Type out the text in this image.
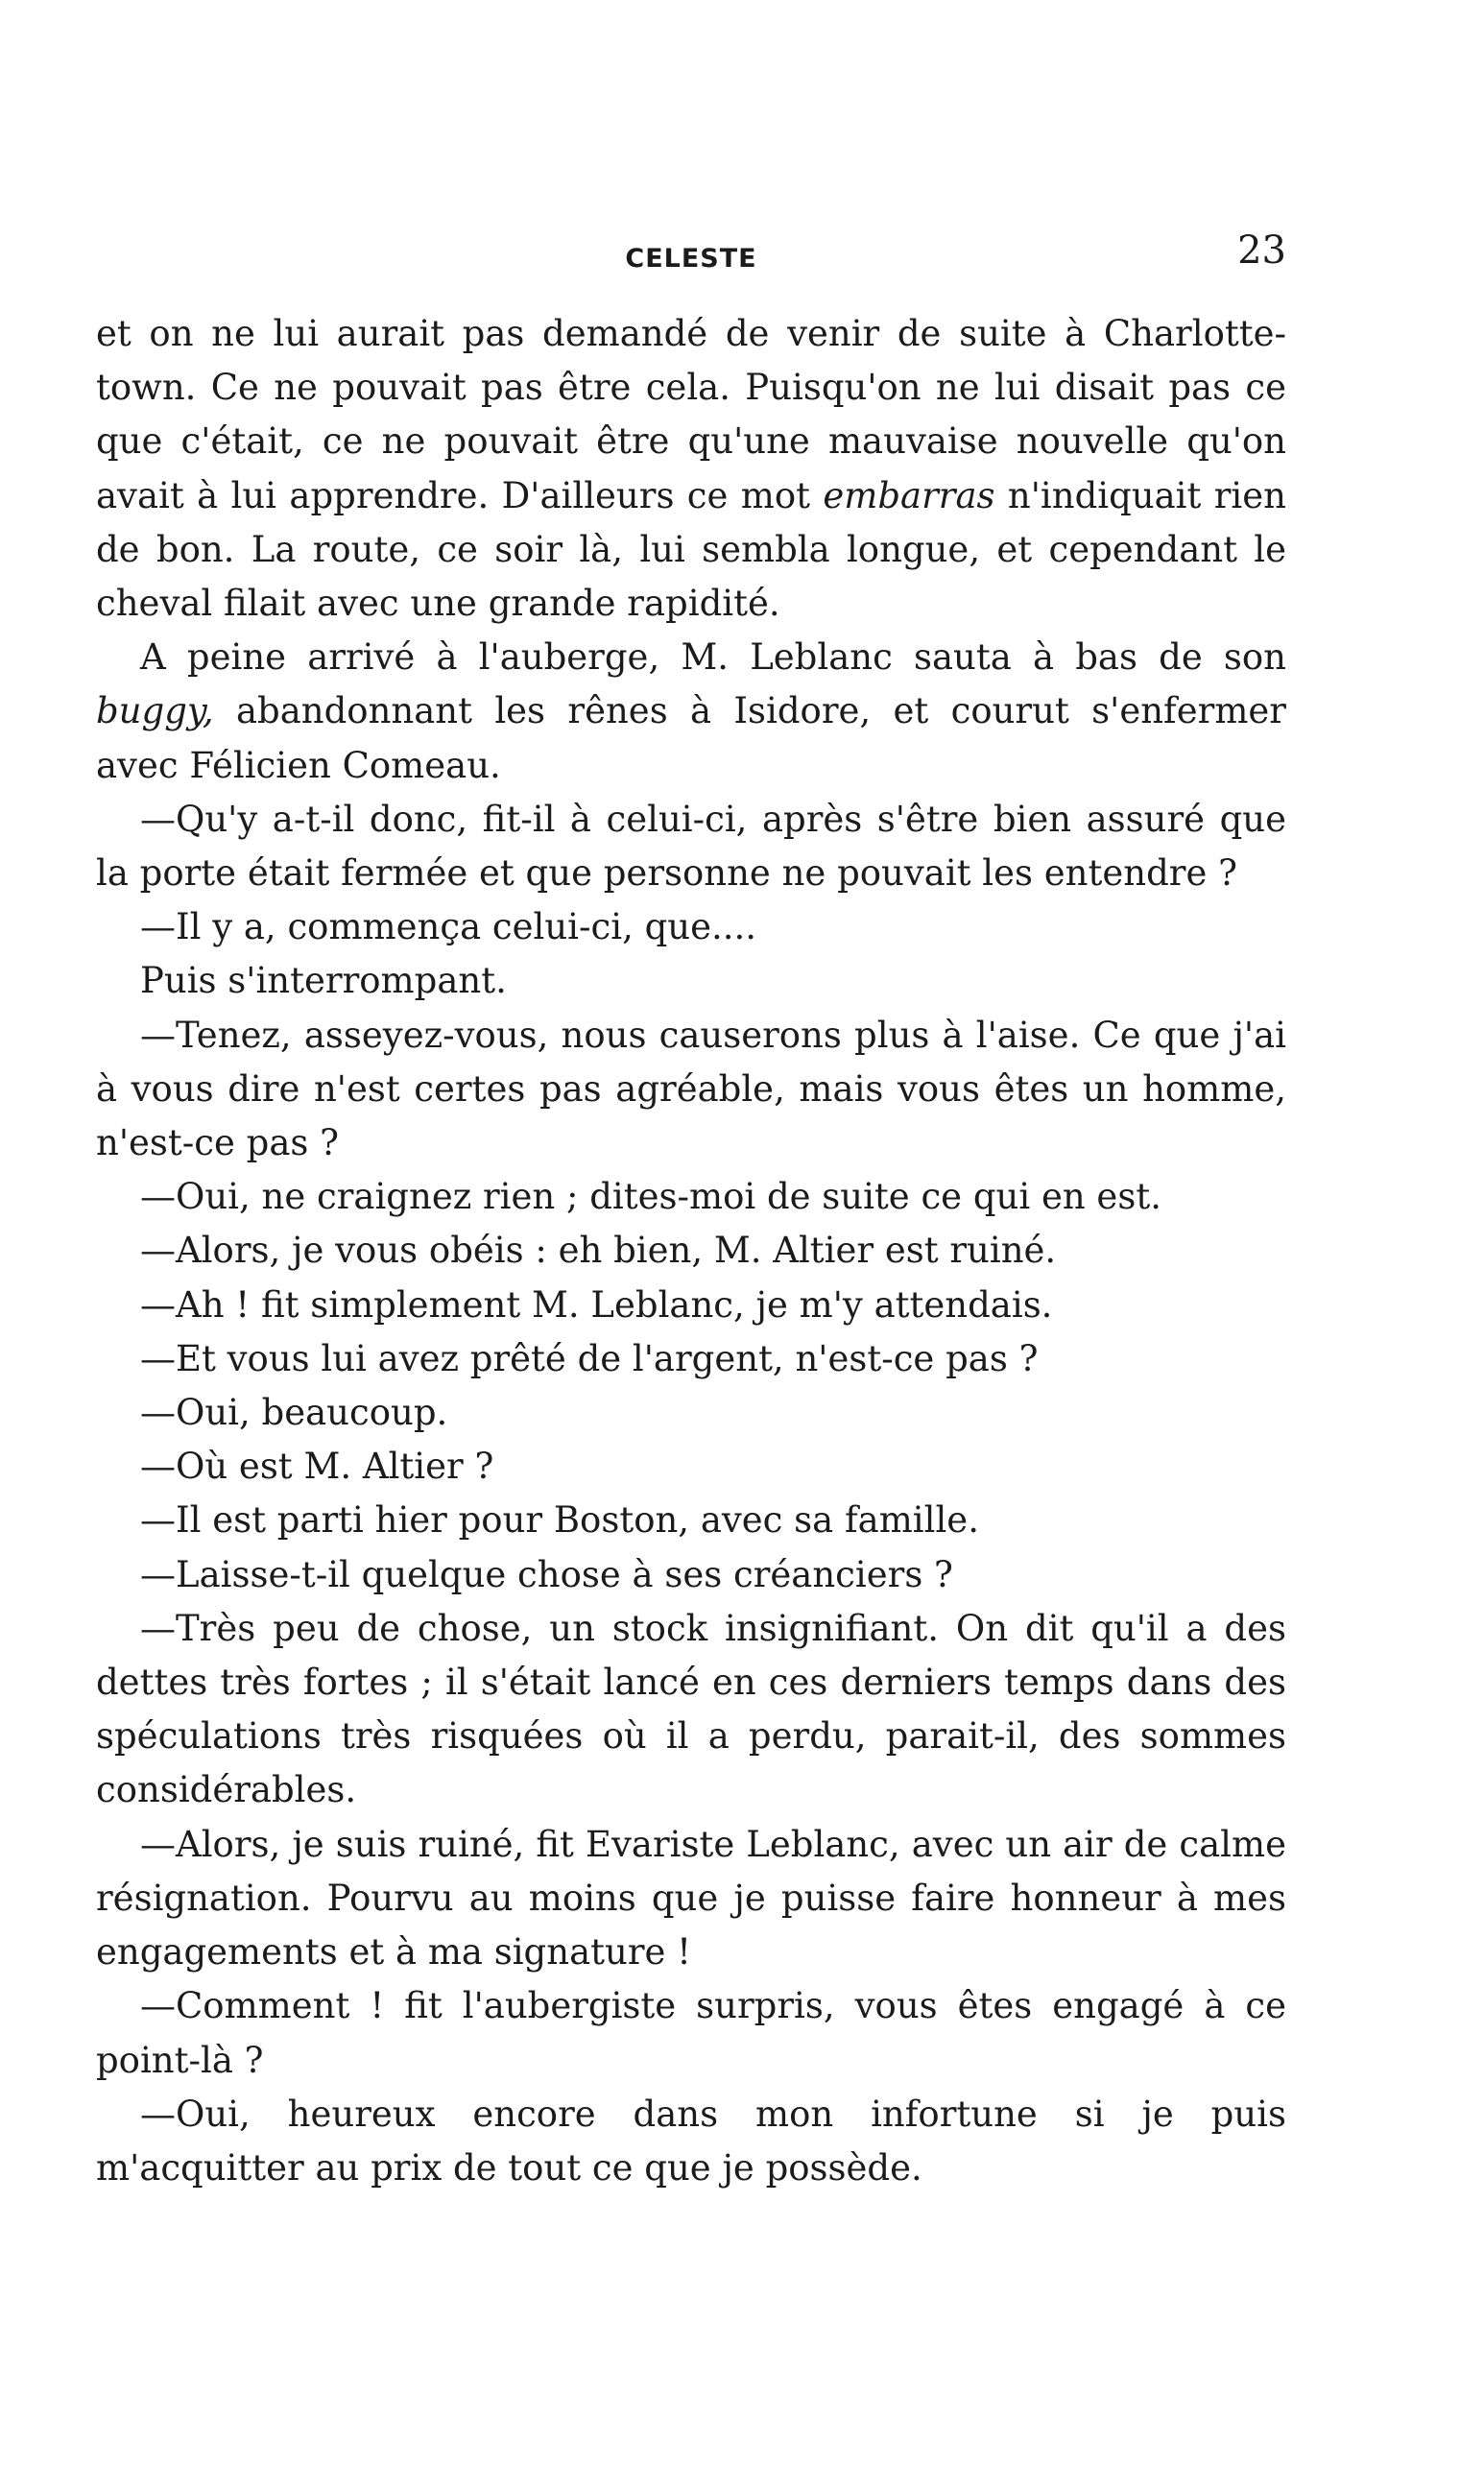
CELESTE	23

et on ne lui aurait pas demandé de venir de suite à Charlotte-town. Ce ne pouvait pas être cela. Puisqu'on ne lui disait pas ce que c'était, ce ne pouvait être qu'une mauvaise nouvelle qu'on avait à lui apprendre. D'ailleurs ce mot embarras n'indiquait rien de bon. La route, ce soir là, lui sembla longue, et cependant le cheval filait avec une grande rapidité.

A peine arrivé à l'auberge, M. Leblanc sauta à bas de son buggy, abandonnant les rênes à Isidore, et courut s'enfermer avec Félicien Comeau.

—Qu'y a-t-il donc, fit-il à celui-ci, après s'être bien assuré que la porte était fermée et que personne ne pouvait les entendre ?

—Il y a, commença celui-ci, que....

Puis s'interrompant.

—Tenez, asseyez-vous, nous causerons plus à l'aise. Ce que j'ai à vous dire n'est certes pas agréable, mais vous êtes un homme, n'est-ce pas ?

—Oui, ne craignez rien ; dites-moi de suite ce qui en est.

—Alors, je vous obéis : eh bien, M. Altier est ruiné.

—Ah ! fit simplement M. Leblanc, je m'y attendais.

—Et vous lui avez prêté de l'argent, n'est-ce pas ?

—Oui, beaucoup.

—Où est M. Altier ?

—Il est parti hier pour Boston, avec sa famille.

—Laisse-t-il quelque chose à ses créanciers ?

—Très peu de chose, un stock insignifiant. On dit qu'il a des dettes très fortes ; il s'était lancé en ces derniers temps dans des spéculations très risquées où il a perdu, parait-il, des sommes considérables.

—Alors, je suis ruiné, fit Evariste Leblanc, avec un air de calme résignation. Pourvu au moins que je puisse faire honneur à mes engagements et à ma signature !

—Comment ! fit l'aubergiste surpris, vous êtes engagé à ce point-là ?

—Oui, heureux encore dans mon infortune si je puis m'acquitter au prix de tout ce que je possède.
